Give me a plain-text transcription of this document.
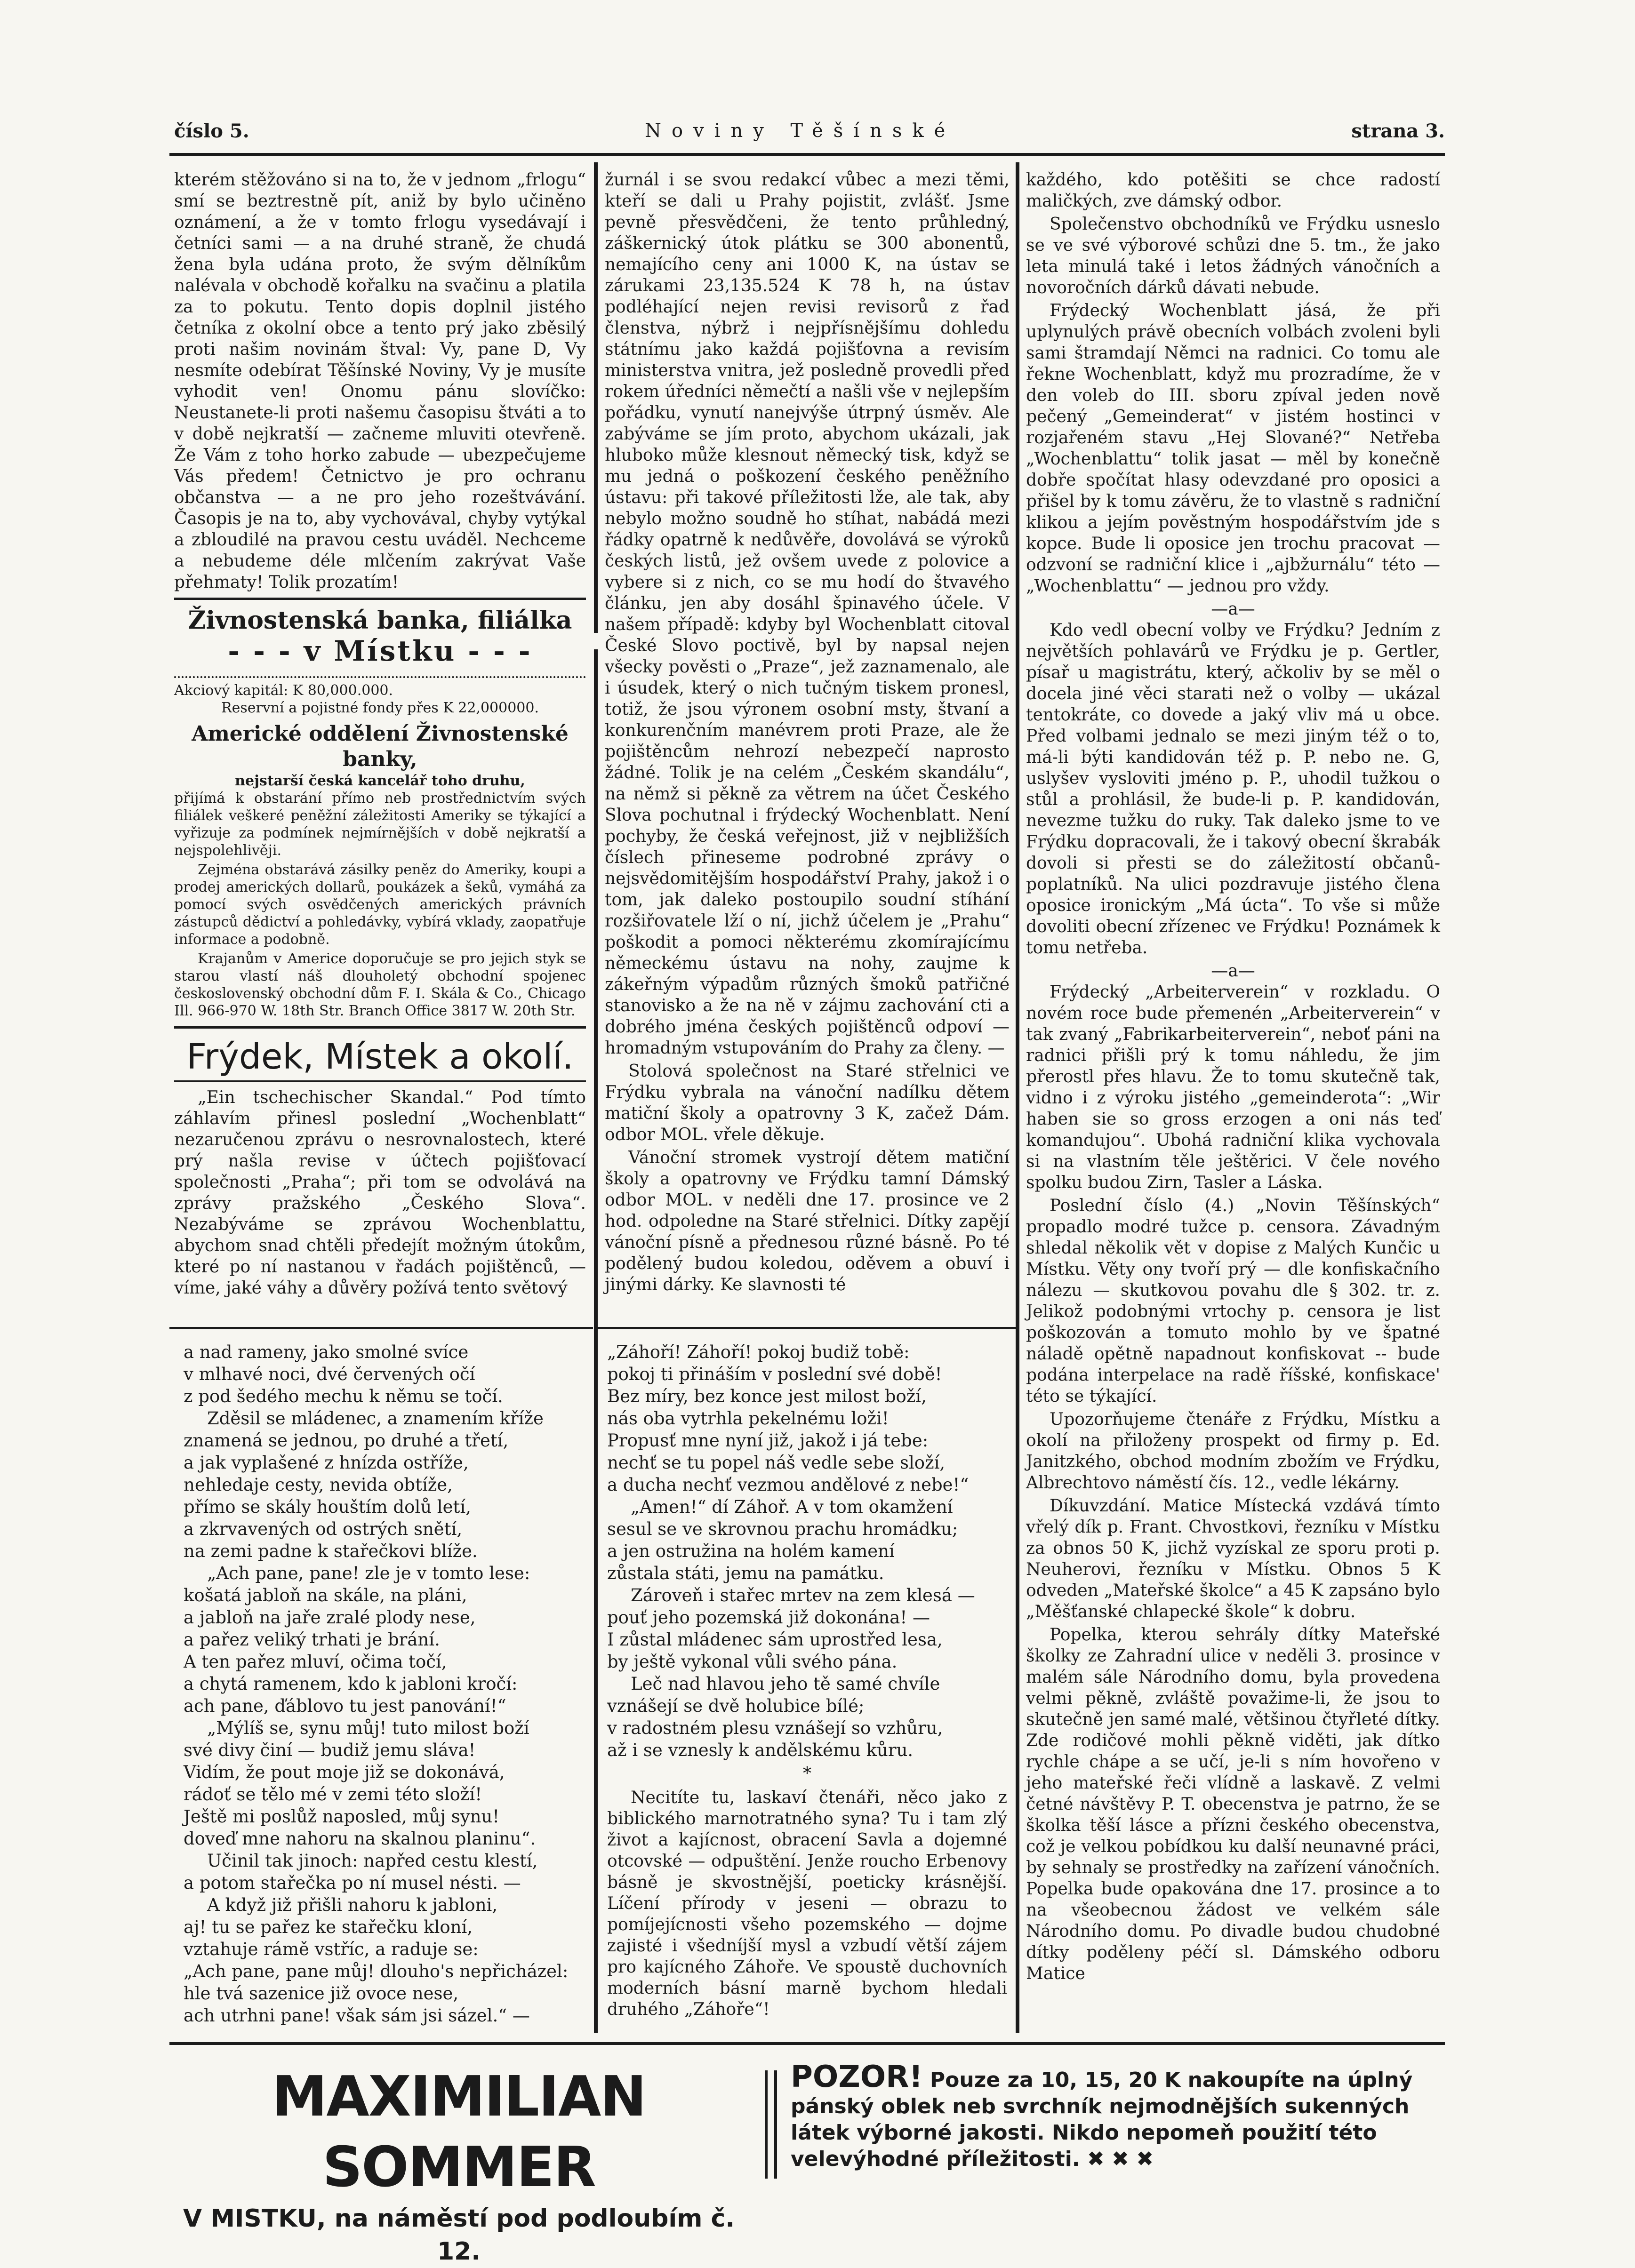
číslo 5.	Noviny Těšínské	strana 3.

kterém stěžováno si na to, že v jednom „frlogu“ smí se beztrestně pít, aniž by bylo učiněno oznámení, a že v tomto frlogu vysedávají i četníci sami — a na druhé straně, že chudá žena byla udána proto, že svým dělníkům nalévala v obchodě kořalku na svačinu a platila za to pokutu. Tento dopis doplnil jistého četníka z okolní obce a tento prý jako zběsilý proti našim novinám štval: Vy, pane D, Vy nesmíte odebírat Těšínské Noviny, Vy je musíte vyhodit ven! Onomu pánu slovíčko: Neustanete-li proti našemu časopisu štváti a to v době nejkratší — začneme mluviti otevřeně. Že Vám z toho horko zabude — ubezpečujeme Vás předem! Četnictvo je pro ochranu občanstva — a ne pro jeho rozeštvávání. Časopis je na to, aby vychovával, chyby vytýkal a zbloudilé na pravou cestu uváděl. Nechceme a nebudeme déle mlčením zakrývat Vaše přehmaty! Tolik prozatím!

Živnostenská banka, filiálka
- - - v Místku - - -
Akciový kapitál: K 80,000.000.
Reservní a pojistné fondy přes K 22,000000.
Americké oddělení Živnostenské banky,
nejstarší česká kancelář toho druhu,

přijímá k obstarání přímo neb prostřednictvím svých filiálek veškeré peněžní záležitosti Ameriky se týkající a vyřizuje za podmínek nejmírnějších v době nejkratší a nejspolehlivěji.

Zejména obstarává zásilky peněz do Ameriky, koupi a prodej amerických dollarů, poukázek a šeků, vymáhá za pomocí svých osvědčených amerických právních zástupců dědictví a pohledávky, vybírá vklady, zaopatřuje informace a podobně.

Krajanům v Americe doporučuje se pro jejich styk se starou vlastí náš dlouholetý obchodní spojenec československý obchodní dům F. I. Skála & Co., Chicago Ill. 966-970 W. 18th Str. Branch Office 3817 W. 20th Str.

Frýdek, Místek a okolí.

„Ein tschechischer Skandal.“ Pod tímto záhlavím přinesl poslední „Wochenblatt“ nezaručenou zprávu o nesrovnalostech, které prý našla revise v účtech pojišťovací společnosti „Praha“; při tom se odvolává na zprávy pražského „Českého Slova“. Nezabýváme se zprávou Wochenblattu, abychom snad chtěli předejít možným útokům, které po ní nastanou v řadách pojištěnců, — víme, jaké váhy a důvěry požívá tento světový

a nad rameny, jako smolné svíce
v mlhavé noci, dvé červených očí
z pod šedého mechu k němu se točí.
Zděsil se mládenec, a znamením kříže
znamená se jednou, po druhé a třetí,
a jak vyplašené z hnízda ostříže,
nehledaje cesty, nevida obtíže,
přímo se skály houštím dolů letí,
a zkrvavených od ostrých snětí,
na zemi padne k stařečkovi blíže.
„Ach pane, pane! zle je v tomto lese:
košatá jabloň na skále, na pláni,
a jabloň na jaře zralé plody nese,
a pařez veliký trhati je brání.
A ten pařez mluví, očima točí,
a chytá ramenem, kdo k jabloni kročí:
ach pane, ďáblovo tu jest panování!“
„Mýlíš se, synu můj! tuto milost boží
své divy činí — budiž jemu sláva!
Vidím, že pout moje již se dokonává,
rádoť se tělo mé v zemi této složí!
Ještě mi poslůž naposled, můj synu!
doveď mne nahoru na skalnou planinu“.
Učinil tak jinoch: napřed cestu klestí,
a potom stařečka po ní musel nésti. —
A když již přišli nahoru k jabloni,
aj! tu se pařez ke stařečku kloní,
vztahuje rámě vstříc, a raduje se:
„Ach pane, pane můj! dlouho's nepřicházel:
hle tvá sazenice již ovoce nese,
ach utrhni pane! však sám jsi sázel.“ —

žurnál i se svou redakcí vůbec a mezi těmi, kteří se dali u Prahy pojistit, zvlášť. Jsme pevně přesvědčeni, že tento průhledný, záškernický útok plátku se 300 abonentů, nemajícího ceny ani 1000 K, na ústav se zárukami 23,135.524 K 78 h, na ústav podléhající nejen revisi revisorů z řad členstva, nýbrž i nejpřísnějšímu dohledu státnímu jako každá pojišťovna a revisím ministerstva vnitra, jež posledně provedli před rokem úředníci němečtí a našli vše v nejlepším pořádku, vynutí nanejvýše útrpný úsměv. Ale zabýváme se jím proto, abychom ukázali, jak hluboko může klesnout německý tisk, když se mu jedná o poškození českého peněžního ústavu: při takové příležitosti lže, ale tak, aby nebylo možno soudně ho stíhat, nabádá mezi řádky opatrně k nedůvěře, dovolává se výroků českých listů, jež ovšem uvede z polovice a vybere si z nich, co se mu hodí do štvavého článku, jen aby dosáhl špinavého účele. V našem případě: kdyby byl Wochenblatt citoval České Slovo poctivě, byl by napsal nejen všecky pověsti o „Praze“, jež zaznamenalo, ale i úsudek, který o nich tučným tiskem pronesl, totiž, že jsou výronem osobní msty, štvaní a konkurenčním manévrem proti Praze, ale že pojištěncům nehrozí nebezpečí naprosto žádné. Tolik je na celém „Českém skandálu“, na němž si pěkně za větrem na účet Českého Slova pochutnal i frýdecký Wochenblatt. Není pochyby, že česká veřejnost, již v nejbližších číslech přineseme podrobné zprávy o nejsvědomitějším hospodářství Prahy, jakož i o tom, jak daleko postoupilo soudní stíhání rozšiřovatele lží o ní, jichž účelem je „Prahu“ poškodit a pomoci některému zkomírajícímu německému ústavu na nohy, zaujme k zákeřným výpadům různých šmoků patřičné stanovisko a že na ně v zájmu zachování cti a dobrého jména českých pojištěnců odpoví — hromadným vstupováním do Prahy za členy. —

Stolová společnost na Staré střelnici ve Frýdku vybrala na vánoční nadílku dětem matiční školy a opatrovny 3 K, začež Dám. odbor MOL. vřele děkuje.

Vánoční stromek vystrojí dětem matiční školy a opatrovny ve Frýdku tamní Dámský odbor MOL. v neděli dne 17. prosince ve 2 hod. odpoledne na Staré střelnici. Dítky zapějí vánoční písně a přednesou různé básně. Po té podělený budou koledou, oděvem a obuví i jinými dárky. Ke slavnosti té

„Záhoří! Záhoří! pokoj budiž tobě:
pokoj ti přináším v poslední své době!
Bez míry, bez konce jest milost boží,
nás oba vytrhla pekelnému loži!
Propusť mne nyní již, jakož i já tebe:
nechť se tu popel náš vedle sebe složí,
a ducha nechť vezmou andělové z nebe!“
„Amen!“ dí Záhoř. A v tom okamžení
sesul se ve skrovnou prachu hromádku;
a jen ostružina na holém kamení
zůstala státi, jemu na památku.
Zároveň i stařec mrtev na zem klesá —
pouť jeho pozemská již dokonána! —
I zůstal mládenec sám uprostřed lesa,
by ještě vykonal vůli svého pána.
Leč nad hlavou jeho tě samé chvíle
vznášejí se dvě holubice bílé;
v radostném plesu vznášejí so vzhůru,
až i se vznesly k andělskému kůru.
*

Necitíte tu, laskaví čtenáři, něco jako z biblického marnotratného syna? Tu i tam zlý život a kajícnost, obracení Savla a dojemné otcovské — odpuštění. Jenže roucho Erbenovy básně je skvostnější, poeticky krásnější. Líčení přírody v jeseni — obrazu to pomíjejícnosti všeho pozemského — dojme zajisté i všedníjší mysl a vzbudí větší zájem pro kajícného Záhoře. Ve spoustě duchovních moderních básní marně bychom hledali druhého „Záhoře“!

každého, kdo potěšiti se chce radostí maličkých, zve dámský odbor.

Společenstvo obchodníků ve Frýdku usneslo se ve své výborové schůzi dne 5. tm., že jako leta minulá také i letos žádných vánočních a novoročních dárků dávati nebude.

Frýdecký Wochenblatt jásá, že při uplynulých právě obecních volbách zvoleni byli sami štramdají Němci na radnici. Co tomu ale řekne Wochenblatt, když mu prozradíme, že v den voleb do III. sboru zpíval jeden nově pečený „Gemeinderat“ v jistém hostinci v rozjařeném stavu „Hej Slované?“ Netřeba „Wochenblattu“ tolik jasat — měl by konečně dobře spočítat hlasy odevzdané pro oposici a přišel by k tomu závěru, že to vlastně s radniční klikou a jejím pověstným hospodářstvím jde s kopce. Bude li oposice jen trochu pracovat — odzvoní se radniční klice i „ajbžurnálu“ této — „Wochenblattu“ — jednou pro vždy.

—a—

Kdo vedl obecní volby ve Frýdku? Jedním z největších pohlavárů ve Frýdku je p. Gertler, písař u magistrátu, který, ačkoliv by se měl o docela jiné věci starati než o volby — ukázal tentokráte, co dovede a jaký vliv má u obce. Před volbami jednalo se mezi jiným též o to, má-li býti kandidován též p. P. nebo ne. G, uslyšev vysloviti jméno p. P., uhodil tužkou o stůl a prohlásil, že bude-li p. P. kandidován, nevezme tužku do ruky. Tak daleko jsme to ve Frýdku dopracovali, že i takový obecní škrabák dovoli si přesti se do záležitostí občanů-poplatníků. Na ulici pozdravuje jistého člena oposice ironickým „Má úcta“. To vše si může dovoliti obecní zřízenec ve Frýdku! Poznámek k tomu netřeba.

—a—

Frýdecký „Arbeiterverein“ v rozkladu. O novém roce bude přemenén „Arbeiterverein“ v tak zvaný „Fabrikarbeiterverein“, neboť páni na radnici přišli prý k tomu náhledu, že jim přerostl přes hlavu. Že to tomu skutečně tak, vidno i z výroku jistého „gemeinderota“: „Wir haben sie so gross erzogen a oni nás teď komandujou“. Ubohá radniční klika vychovala si na vlastním těle ještěrici. V čele nového spolku budou Zirn, Tasler a Láska.

Poslední číslo (4.) „Novin Těšínských“ propadlo modré tužce p. censora. Závadným shledal několik vět v dopise z Malých Kunčic u Místku. Věty ony tvoří prý — dle konfiskačního nálezu — skutkovou povahu dle § 302. tr. z. Jelikož podobnými vrtochy p. censora je list poškozován a tomuto mohlo by ve špatné náladě opětně napadnout konfiskovat -- bude podána interpelace na radě říšské, konfiskace' této se týkající.

Upozorňujeme čtenáře z Frýdku, Místku a okolí na přiloženy prospekt od firmy p. Ed. Janitzkého, obchod modním zbožím ve Frýdku, Albrechtovo náměstí čís. 12., vedle lékárny.

Díkuvzdání. Matice Místecká vzdává tímto vřelý dík p. Frant. Chvostkovi, řezníku v Místku za obnos 50 K, jichž vyzískal ze sporu proti p. Neuherovi, řezníku v Místku. Obnos 5 K odveden „Mateřské školce“ a 45 K zapsáno bylo „Měšťanské chlapecké škole“ k dobru.

Popelka, kterou sehrály dítky Mateřské školky ze Zahradní ulice v neděli 3. prosince v malém sále Národního domu, byla provedena velmi pěkně, zvláště považime-li, že jsou to skutečně jen samé malé, většinou čtyřleté dítky. Zde rodičové mohli pěkně viděti, jak dítko rychle chápe a se učí, je-li s ním hovořeno v jeho mateřské řeči vlídně a laskavě. Z velmi četné návštěvy P. T. obecenstva je patrno, že se školka těší lásce a přízni českého obecenstva, což je velkou pobídkou ku další neunavné práci, by sehnaly se prostředky na zařízení vánočních. Popelka bude opakována dne 17. prosince a to na všeobecnou žádost ve velkém sále Národního domu. Po divadle budou chudobné dítky poděleny péčí sl. Dámského odboru Matice

MAXIMILIAN SOMMER
V MISTKU, na náměstí pod podloubím č. 12.
POZOR! Pouze za 10, 15, 20 K nakoupíte na úplný pánský oblek neb svrchník nejmodnějších sukenných látek výborné jakosti. Nikdo nepomeň použití této velevýhodné příležitosti. ✖ ✖ ✖
